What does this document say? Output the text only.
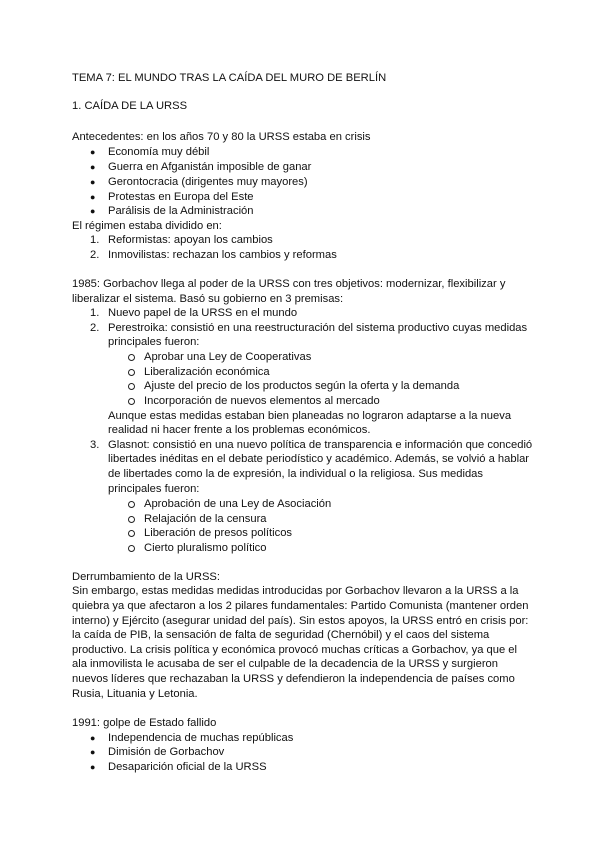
TEMA 7: EL MUNDO TRAS LA CAÍDA DEL MURO DE BERLÍN
1. CAÍDA DE LA URSS
Antecedentes: en los años 70 y 80 la URSS estaba en crisis
● Economía muy débil
● Guerra en Afganistán imposible de ganar
● Gerontocracia (dirigentes muy mayores)
● Protestas en Europa del Este
● Parálisis de la Administración
El régimen estaba dividido en:
1. Reformistas: apoyan los cambios
2. Inmovilistas: rechazan los cambios y reformas
1985: Gorbachov llega al poder de la URSS con tres objetivos: modernizar, flexibilizar y
liberalizar el sistema. Basó su gobierno en 3 premisas:
1. Nuevo papel de la URSS en el mundo
2. Perestroika: consistió en una reestructuración del sistema productivo cuyas medidas
principales fueron:
Aprobar una Ley de Cooperativas
Liberalización económica
Ajuste del precio de los productos según la oferta y la demanda
Incorporación de nuevos elementos al mercado
Aunque estas medidas estaban bien planeadas no lograron adaptarse a la nueva
realidad ni hacer frente a los problemas económicos.
3. Glasnot: consistió en una nuevo política de transparencia e información que concedió
libertades inéditas en el debate periodístico y académico. Además, se volvió a hablar
de libertades como la de expresión, la individual o la religiosa. Sus medidas
principales fueron:
Aprobación de una Ley de Asociación
Relajación de la censura
Liberación de presos políticos
Cierto pluralismo político
Derrumbamiento de la URSS:
Sin embargo, estas medidas medidas introducidas por Gorbachov llevaron a la URSS a la
quiebra ya que afectaron a los 2 pilares fundamentales: Partido Comunista (mantener orden
interno) y Ejército (asegurar unidad del país). Sin estos apoyos, la URSS entró en crisis por:
la caída de PIB, la sensación de falta de seguridad (Chernóbil) y el caos del sistema
productivo. La crisis política y económica provocó muchas críticas a Gorbachov, ya que el
ala inmovilista le acusaba de ser el culpable de la decadencia de la URSS y surgieron
nuevos líderes que rechazaban la URSS y defendieron la independencia de países como
Rusia, Lituania y Letonia.
1991: golpe de Estado fallido
● Independencia de muchas repúblicas
● Dimisión de Gorbachov
● Desaparición oficial de la URSS
